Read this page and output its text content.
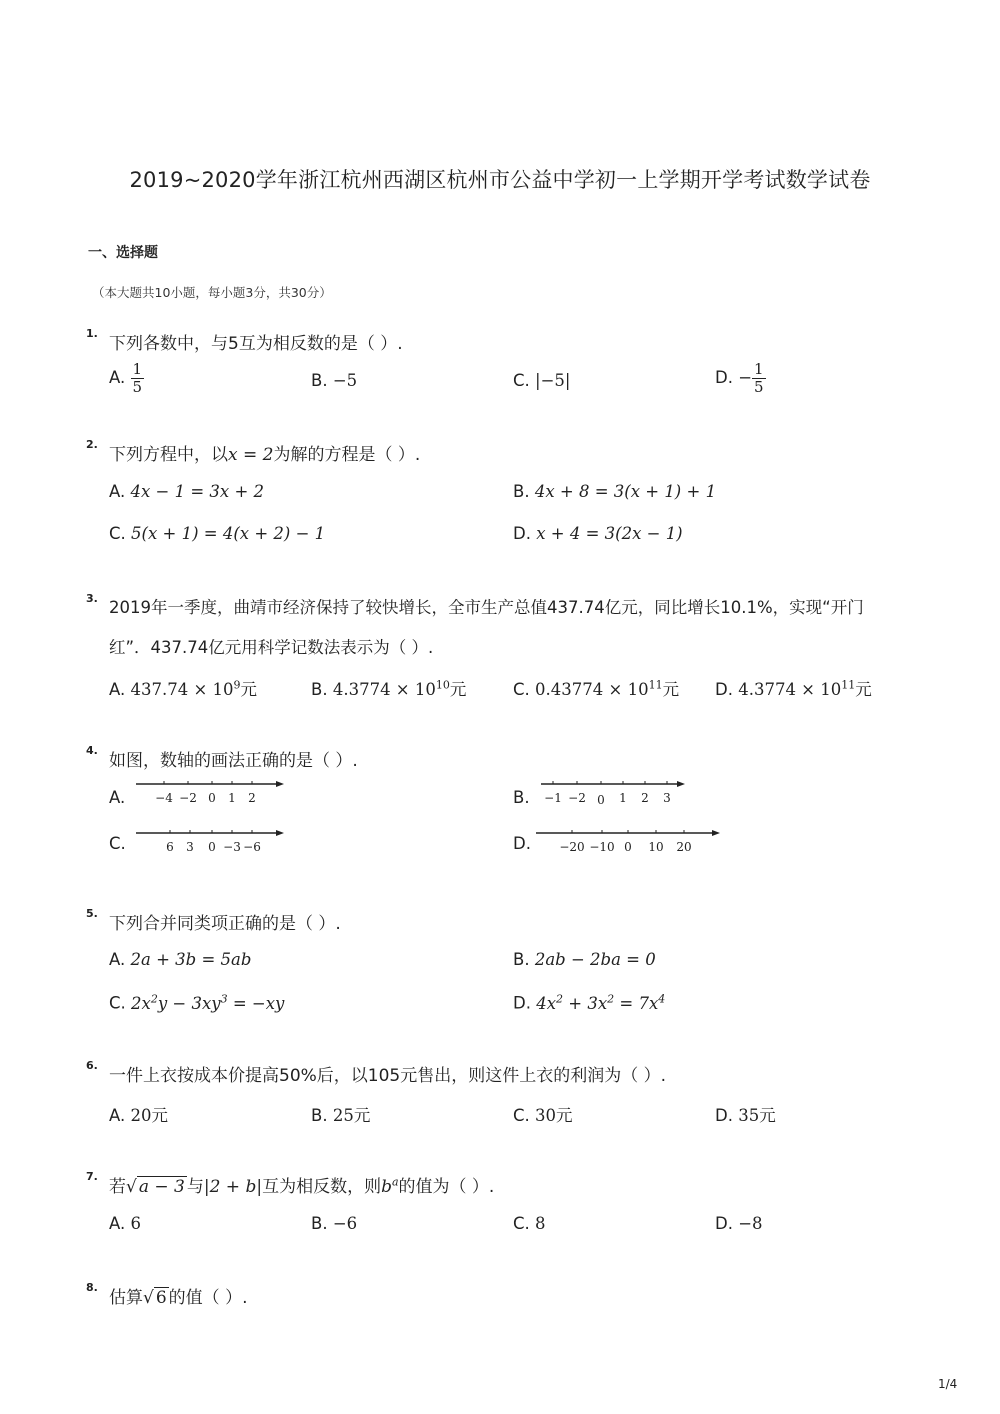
2019~2020学年浙江杭州西湖区杭州市公益中学初一上学期开学考试数学试卷
一、选择题
（本大题共10小题，每小题3分，共30分）
1.
下列各数中，与5互为相反数的是（ ）.
A. $\frac{1}{5}$	B. −5	C. |−5|	D. − $\frac{1}{5}$
2.
下列方程中，以x = 2为解的方程是（ ）.
A. 4x − 1 = 3x + 2	B. 4x + 8 = 3(x + 1) + 1
C. 5(x + 1) = 4(x + 2) − 1	D. x + 4 = 3(2x − 1)
3. 2019年一季度，曲靖市经济保持了较快增长，全市生产总值437.74亿元，同比增长10.1%，实现“开门
红”．437.74亿元用科学记数法表示为（ ）.
A. $437.74 \times 10^9$元	B. $4.3774 \times 10^{10}$元	C. $0.43774 \times 10^{11}$元 D. $4.3774 \times 10^{11}$元
4.
如图，数轴的画法正确的是（ ）.
A. −4 −2 0 1 2	B. −1 −2 0 1 2 3
C.	6 3 0 −3 −6	D. −20 −10 0 10 20
5.
下列合并同类项正确的是（ ）.
A. 2a + 3b = 5ab	B. 2ab − 2ba = 0
C. $2x^2y - 3xy^3 = -xy$	D. $4x^2 + 3x^2 = 7x^4$
6.
一件上衣按成本价提高50%后，以105元售出，则这件上衣的利润为（ ）.
A. 20元	B. 25元	C. 30元	D. 35元
7.
若√ a − 3 与|2 + b|互为相反数，则$b^a$的值为（ ）.
A. 6	B. −6	C. 8	D. −8
8.
估算√ 6 的值（ ）.
1/4
